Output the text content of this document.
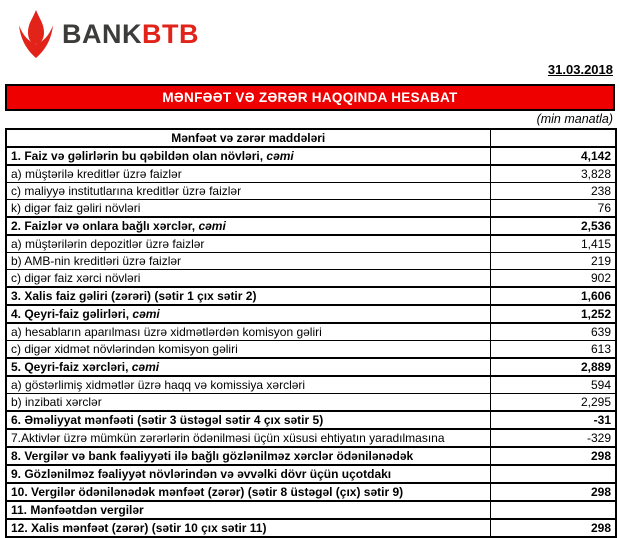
BANKBTB
31.03.2018
MƏNFƏƏT VƏ ZƏRƏR HAQQINDA HESABAT
(min manatla)
Mənfəət və zərər maddələri	
1. Faiz və gəlirlərin bu qəbildən olan növləri, cəmi	4,142
a) müştərilə kreditlər üzrə faizlər	3,828
c) maliyyə institutlarına kreditlər üzrə faizlər	238
k) digər faiz gəliri növləri	76
2. Faizlər və onlara bağlı xərclər, cəmi	2,536
a) müştərilərin depozitlər üzrə faizlər	1,415
b) AMB-nin kreditləri üzrə faizlər	219
c) digər faiz xərci növləri	902
3. Xalis faiz gəliri (zərəri) (sətir 1 çıx sətir 2)	1,606
4. Qeyri-faiz gəlirləri, cəmi	1,252
a) hesabların aparılması üzrə xidmətlərdən komisyon gəliri	639
c) digər xidmət növlərindən komisyon gəliri	613
5. Qeyri-faiz xərcləri, cəmi	2,889
a) göstərlimiş xidmətlər üzrə haqq və komissiya xərcləri	594
b) inzibati xərclər	2,295
6. Əməliyyat mənfəəti (sətir 3 üstəgəl sətir 4 çıx sətir 5)	-31
7.Aktivlər üzrə mümkün zərərlərin ödənilməsi üçün xüsusi ehtiyatın yaradılmasına	-329
8. Vergilər və bank fəaliyyəti ilə bağlı gözlənilməz xərclər ödənilənədək	298
9. Gözlənilməz fəaliyyət növlərindən və əvvəlki dövr üçün uçotdakı	
10. Vergilər ödənilənədək mənfəət (zərər) (sətir 8 üstəgəl (çıx) sətir 9)	298
11. Mənfəətdən vergilər	
12. Xalis mənfəət (zərər) (sətir 10 çıx sətir 11)	298
